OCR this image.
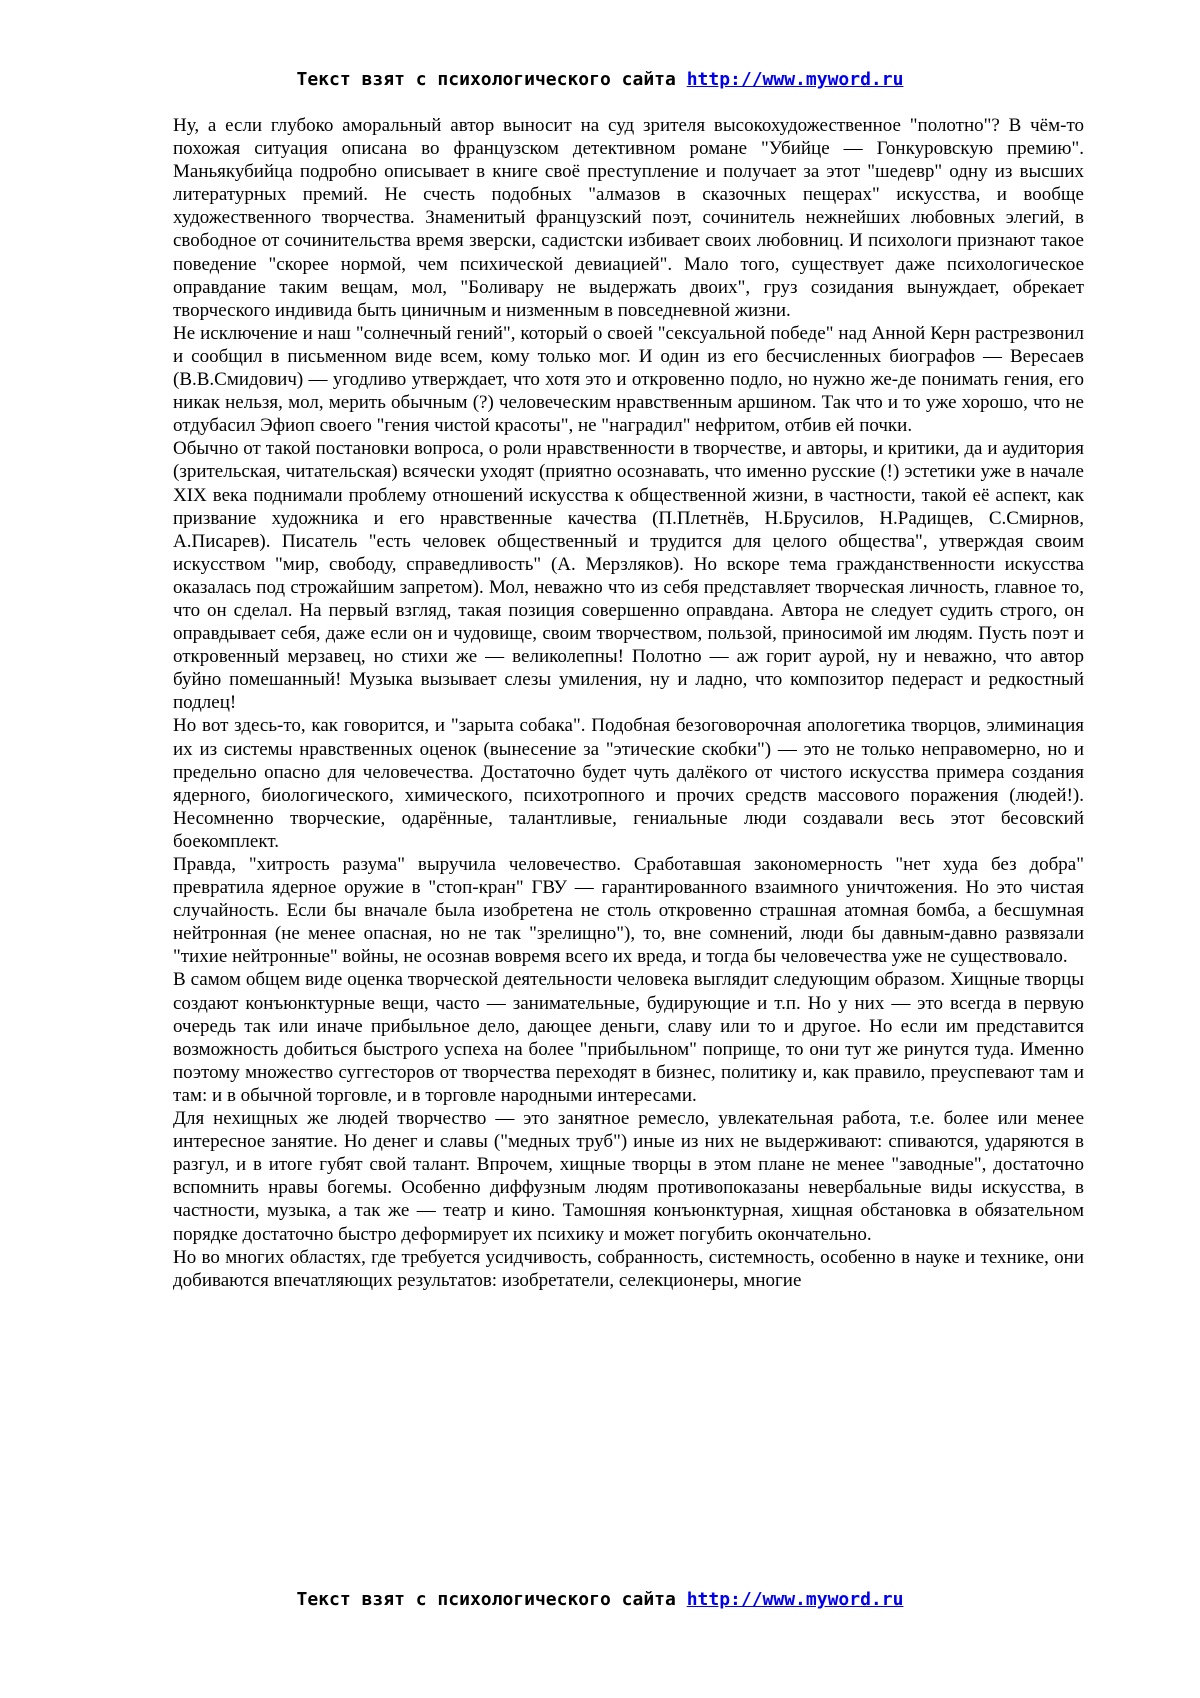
Текст взят с психологического сайта http://www.myword.ru

Ну, а если глубоко аморальный автор выносит на суд зрителя высокохудожественное "полотно"? В чём-то похожая ситуация описана во французском детективном романе "Убийце — Гонкуровскую премию". Маньякубийца подробно описывает в книге своё преступление и получает за этот "шедевр" одну из высших литературных премий. Не счесть подобных "алмазов в сказочных пещерах" искусства, и вообще художественного творчества. Знаменитый французский поэт, сочинитель нежнейших любовных элегий, в свободное от сочинительства время зверски, садистски избивает своих любовниц. И психологи признают такое поведение "скорее нормой, чем психической девиацией". Мало того, существует даже психологическое оправдание таким вещам, мол, "Боливару не выдержать двоих", груз созидания вынуждает, обрекает творческого индивида быть циничным и низменным в повседневной жизни.

Не исключение и наш "солнечный гений", который о своей "сексуальной победе" над Анной Керн растрезвонил и сообщил в письменном виде всем, кому только мог. И один из его бесчисленных биографов — Вересаев (В.В.Смидович) — угодливо утверждает, что хотя это и откровенно подло, но нужно же-де понимать гения, его никак нельзя, мол, мерить обычным (?) человеческим нравственным аршином. Так что и то уже хорошо, что не отдубасил Эфиоп своего "гения чистой красоты", не "наградил" нефритом, отбив ей почки.

Обычно от такой постановки вопроса, о роли нравственности в творчестве, и авторы, и критики, да и аудитория (зрительская, читательская) всячески уходят (приятно осознавать, что именно русские (!) эстетики уже в начале XIX века поднимали проблему отношений искусства к общественной жизни, в частности, такой её аспект, как призвание художника и его нравственные качества (П.Плетнёв, Н.Брусилов, Н.Радищев, С.Смирнов, А.Писарев). Писатель "есть человек общественный и трудится для целого общества", утверждая своим искусством "мир, свободу, справедливость" (А. Мерзляков). Но вскоре тема гражданственности искусства оказалась под строжайшим запретом). Мол, неважно что из себя представляет творческая личность, главное то, что он сделал. На первый взгляд, такая позиция совершенно оправдана. Автора не следует судить строго, он оправдывает себя, даже если он и чудовище, своим творчеством, пользой, приносимой им людям. Пусть поэт и откровенный мерзавец, но стихи же — великолепны! Полотно — аж горит аурой, ну и неважно, что автор буйно помешанный! Музыка вызывает слезы умиления, ну и ладно, что композитор педераст и редкостный подлец!

Но вот здесь-то, как говорится, и "зарыта собака". Подобная безоговорочная апологетика творцов, элиминация их из системы нравственных оценок (вынесение за "этические скобки") — это не только неправомерно, но и предельно опасно для человечества. Достаточно будет чуть далёкого от чистого искусства примера создания ядерного, биологического, химического, психотропного и прочих средств массового поражения (людей!). Несомненно творческие, одарённые, талантливые, гениальные люди создавали весь этот бесовский боекомплект.

Правда, "хитрость разума" выручила человечество. Сработавшая закономерность "нет худа без добра" превратила ядерное оружие в "стоп-кран" ГВУ — гарантированного взаимного уничтожения. Но это чистая случайность. Если бы вначале была изобретена не столь откровенно страшная атомная бомба, а бесшумная нейтронная (не менее опасная, но не так "зрелищно"), то, вне сомнений, люди бы давным-давно развязали "тихие нейтронные" войны, не осознав вовремя всего их вреда, и тогда бы человечества уже не существовало.

В самом общем виде оценка творческой деятельности человека выглядит следующим образом. Хищные творцы создают конъюнктурные вещи, часто — занимательные, будирующие и т.п. Но у них — это всегда в первую очередь так или иначе прибыльное дело, дающее деньги, славу или то и другое. Но если им представится возможность добиться быстрого успеха на более "прибыльном" поприще, то они тут же ринутся туда. Именно поэтому множество суггесторов от творчества переходят в бизнес, политику и, как правило, преуспевают там и там: и в обычной торговле, и в торговле народными интересами.

Для нехищных же людей творчество — это занятное ремесло, увлекательная работа, т.е. более или менее интересное занятие. Но денег и славы ("медных труб") иные из них не выдерживают: спиваются, ударяются в разгул, и в итоге губят свой талант. Впрочем, хищные творцы в этом плане не менее "заводные", достаточно вспомнить нравы богемы. Особенно диффузным людям противопоказаны невербальные виды искусства, в частности, музыка, а так же — театр и кино. Тамошняя конъюнктурная, хищная обстановка в обязательном порядке достаточно быстро деформирует их психику и может погубить окончательно.

Но во многих областях, где требуется усидчивость, собранность, системность, особенно в науке и технике, они добиваются впечатляющих результатов: изобретатели, селекционеры, многие

Текст взят с психологического сайта http://www.myword.ru
